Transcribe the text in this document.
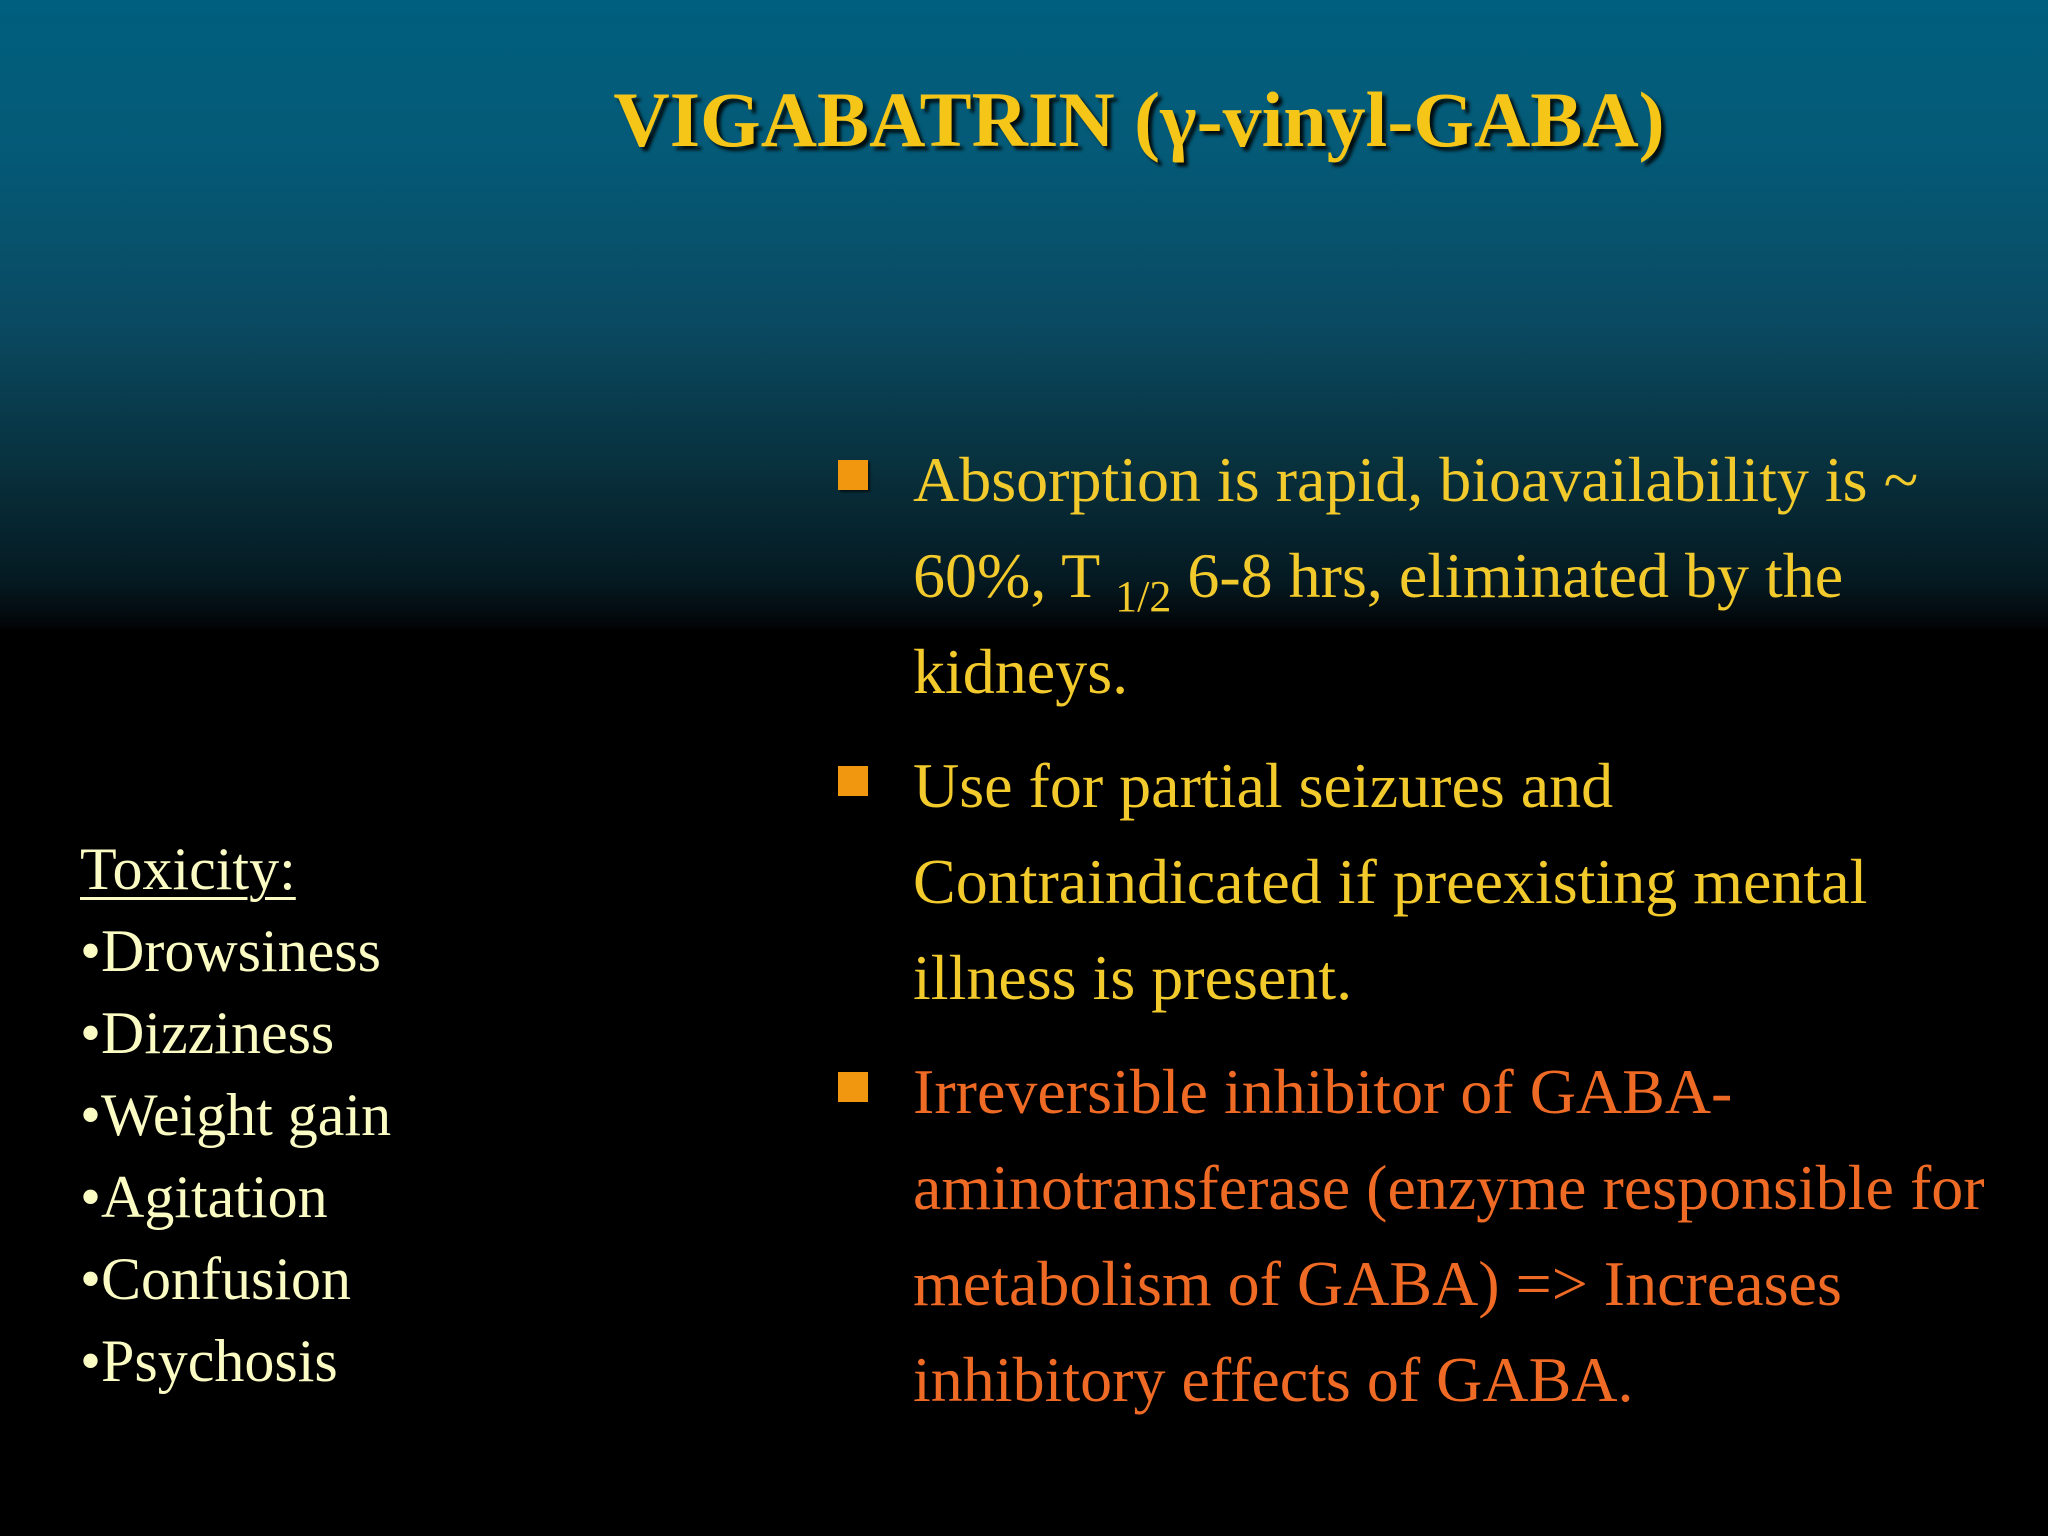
VIGABATRIN (γ-vinyl-GABA)
Absorption is rapid, bioavailability is ~ 60%, T $_{1/2}$ 6-8 hrs, eliminated by the kidneys.
Use for partial seizures and Contraindicated if preexisting mental illness is present.
Irreversible inhibitor of GABA-aminotransferase (enzyme responsible for metabolism of GABA) => Increases inhibitory effects of GABA.
Toxicity:
•Drowsiness
•Dizziness
•Weight gain
•Agitation
•Confusion
•Psychosis
